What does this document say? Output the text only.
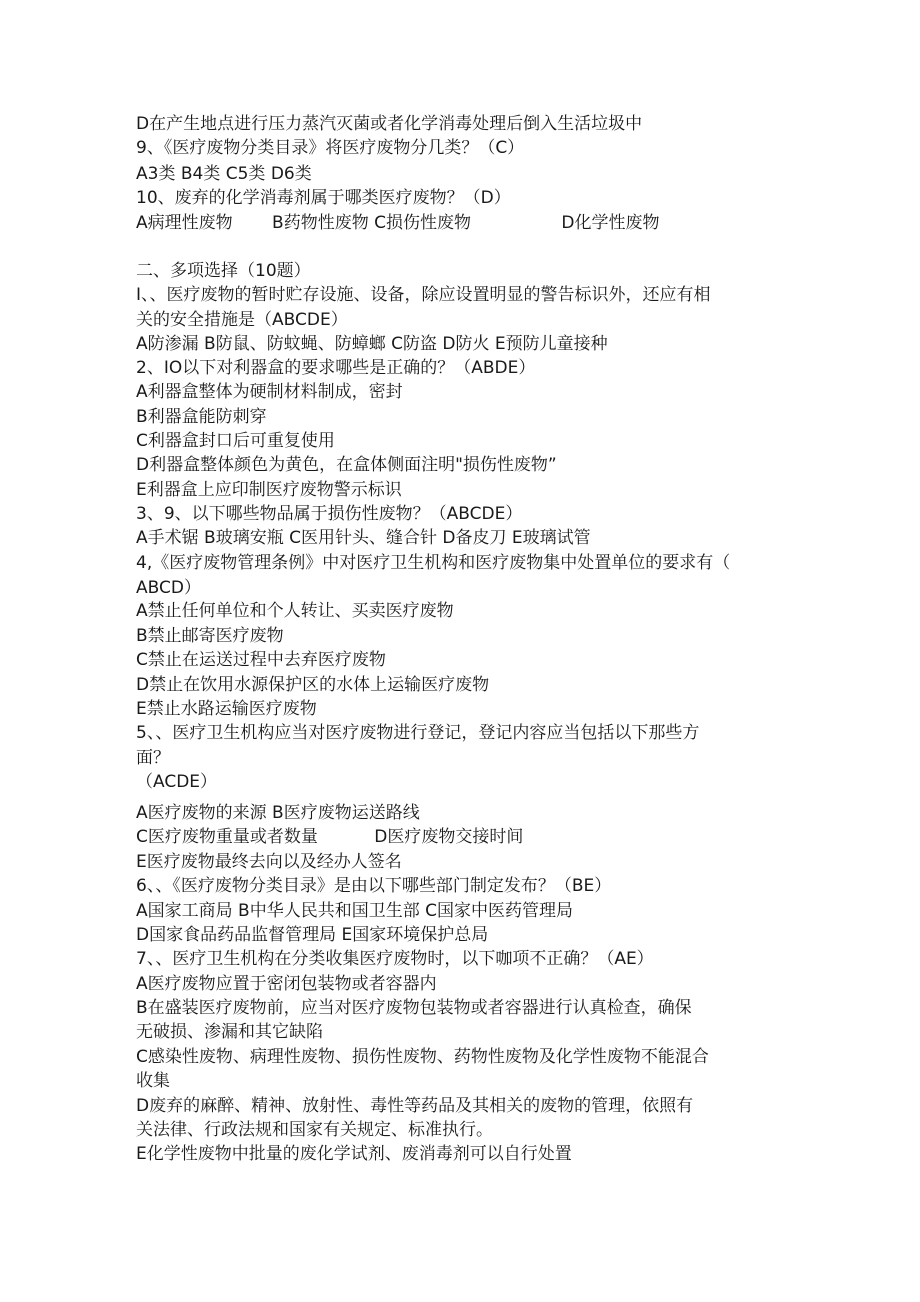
D在产生地点进行压力蒸汽灭菌或者化学消毒处理后倒入生活垃圾中
9、《医疗废物分类目录》将医疗废物分几类？（C）
A3类 B4类 C5类 D6类
10、废弃的化学消毒剂属于哪类医疗废物？（D）
A病理性废物　　 B药物性废物 C损伤性废物　　　　　 D化学性废物
二、多项选择（10题）
I、、医疗废物的暂时贮存设施、设备，除应设置明显的警告标识外，还应有相
关的安全措施是（ABCDE）
A防渗漏 B防鼠、防蚊蝇、防蟑螂 C防盗 D防火 E预防儿童接种
2、IO以下对利器盒的要求哪些是正确的？（ABDE）
A利器盒整体为硬制材料制成，密封
B利器盒能防刺穿
C利器盒封口后可重复使用
D利器盒整体颜色为黄色，在盒体侧面注明"损伤性废物”
E利器盒上应印制医疗废物警示标识
3、9、以下哪些物品属于损伤性废物？（ABCDE）
A手术锯 B玻璃安瓶 C医用针头、缝合针 D备皮刀 E玻璃试管
4,《医疗废物管理条例》中对医疗卫生机构和医疗废物集中处置单位的要求有（
ABCD）
A禁止任何单位和个人转让、买卖医疗废物
B禁止邮寄医疗废物
C禁止在运送过程中去弃医疗废物
D禁止在饮用水源保护区的水体上运输医疗废物
E禁止水路运输医疗废物
5、、医疗卫生机构应当对医疗废物进行登记，登记内容应当包括以下那些方
面？
（ACDE）
A医疗废物的来源 B医疗废物运送路线
C医疗废物重量或者数量　　　 D医疗废物交接时间
E医疗废物最终去向以及经办人签名
6、、《医疗废物分类目录》是由以下哪些部门制定发布？（BE）
A国家工商局 B中华人民共和国卫生部 C国家中医药管理局
D国家食品药品监督管理局 E国家环境保护总局
7、、医疗卫生机构在分类收集医疗废物时，以下咖项不正确？（AE）
A医疗废物应置于密闭包装物或者容器内
B在盛装医疗废物前，应当对医疗废物包装物或者容器进行认真检查，确保
无破损、渗漏和其它缺陷
C感染性废物、病理性废物、损伤性废物、药物性废物及化学性废物不能混合
收集
D废弃的麻醉、精神、放射性、毒性等药品及其相关的废物的管理，依照有
关法律、行政法规和国家有关规定、标准执行。
E化学性废物中批量的废化学试剂、废消毒剂可以自行处置
